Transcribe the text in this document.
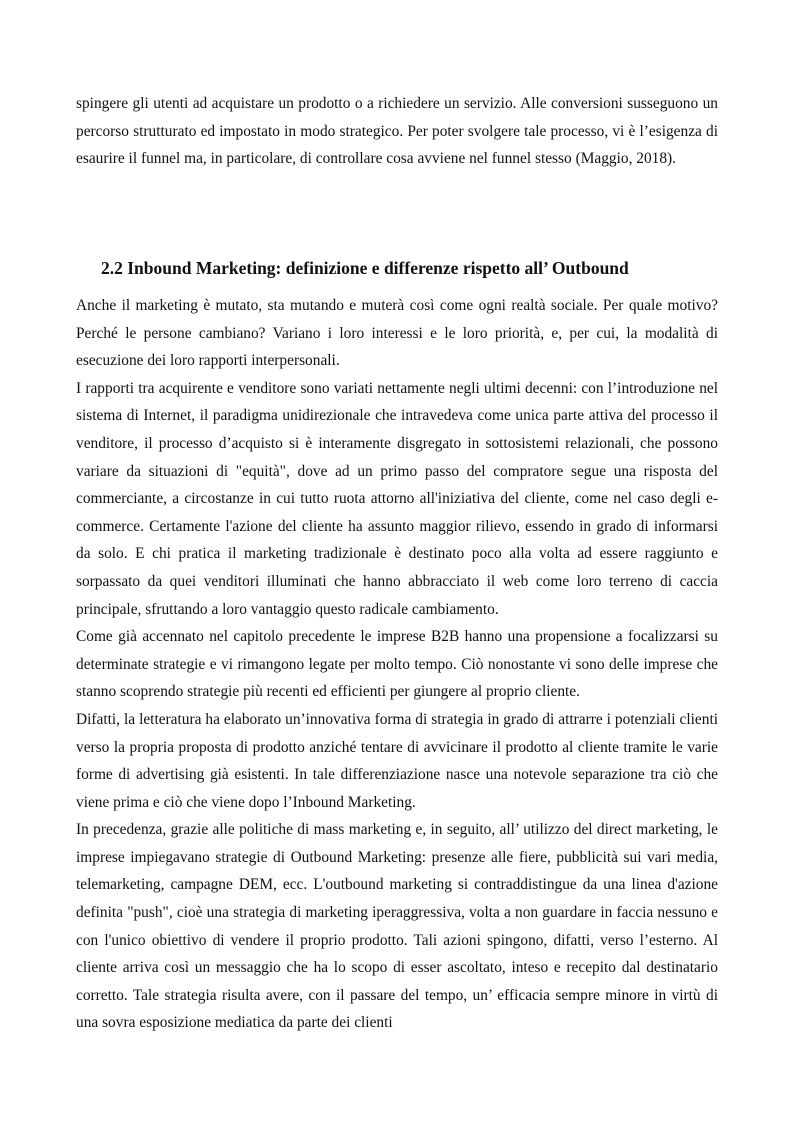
spingere gli utenti ad acquistare un prodotto o a richiedere un servizio. Alle conversioni susseguono un percorso strutturato ed impostato in modo strategico. Per poter svolgere tale processo, vi è l’esigenza di esaurire il funnel ma, in particolare, di controllare cosa avviene nel funnel stesso (Maggio, 2018).

2.2 Inbound Marketing: definizione e differenze rispetto all’ Outbound

Anche il marketing è mutato, sta mutando e muterà così come ogni realtà sociale. Per quale motivo? Perché le persone cambiano? Variano i loro interessi e le loro priorità, e, per cui, la modalità di esecuzione dei loro rapporti interpersonali.

I rapporti tra acquirente e venditore sono variati nettamente negli ultimi decenni: con l’introduzione nel sistema di Internet, il paradigma unidirezionale che intravedeva come unica parte attiva del processo il venditore, il processo d’acquisto si è interamente disgregato in sottosistemi relazionali, che possono variare da situazioni di "equità", dove ad un primo passo del compratore segue una risposta del commerciante, a circostanze in cui tutto ruota attorno all'iniziativa del cliente, come nel caso degli e-commerce. Certamente l'azione del cliente ha assunto maggior rilievo, essendo in grado di informarsi da solo. E chi pratica il marketing tradizionale è destinato poco alla volta ad essere raggiunto e sorpassato da quei venditori illuminati che hanno abbracciato il web come loro terreno di caccia principale, sfruttando a loro vantaggio questo radicale cambiamento.

Come già accennato nel capitolo precedente le imprese B2B hanno una propensione a focalizzarsi su determinate strategie e vi rimangono legate per molto tempo. Ciò nonostante vi sono delle imprese che stanno scoprendo strategie più recenti ed efficienti per giungere al proprio cliente.

Difatti, la letteratura ha elaborato un’innovativa forma di strategia in grado di attrarre i potenziali clienti verso la propria proposta di prodotto anziché tentare di avvicinare il prodotto al cliente tramite le varie forme di advertising già esistenti. In tale differenziazione nasce una notevole separazione tra ciò che viene prima e ciò che viene dopo l’Inbound Marketing.

In precedenza, grazie alle politiche di mass marketing e, in seguito, all’ utilizzo del direct marketing, le imprese impiegavano strategie di Outbound Marketing: presenze alle fiere, pubblicità sui vari media, telemarketing, campagne DEM, ecc. L'outbound marketing si contraddistingue da una linea d'azione definita "push", cioè una strategia di marketing iperaggressiva, volta a non guardare in faccia nessuno e con l'unico obiettivo di vendere il proprio prodotto. Tali azioni spingono, difatti, verso l’esterno. Al cliente arriva così un messaggio che ha lo scopo di esser ascoltato, inteso e recepito dal destinatario corretto. Tale strategia risulta avere, con il passare del tempo, un’ efficacia sempre minore in virtù di una sovra esposizione mediatica da parte dei clienti
